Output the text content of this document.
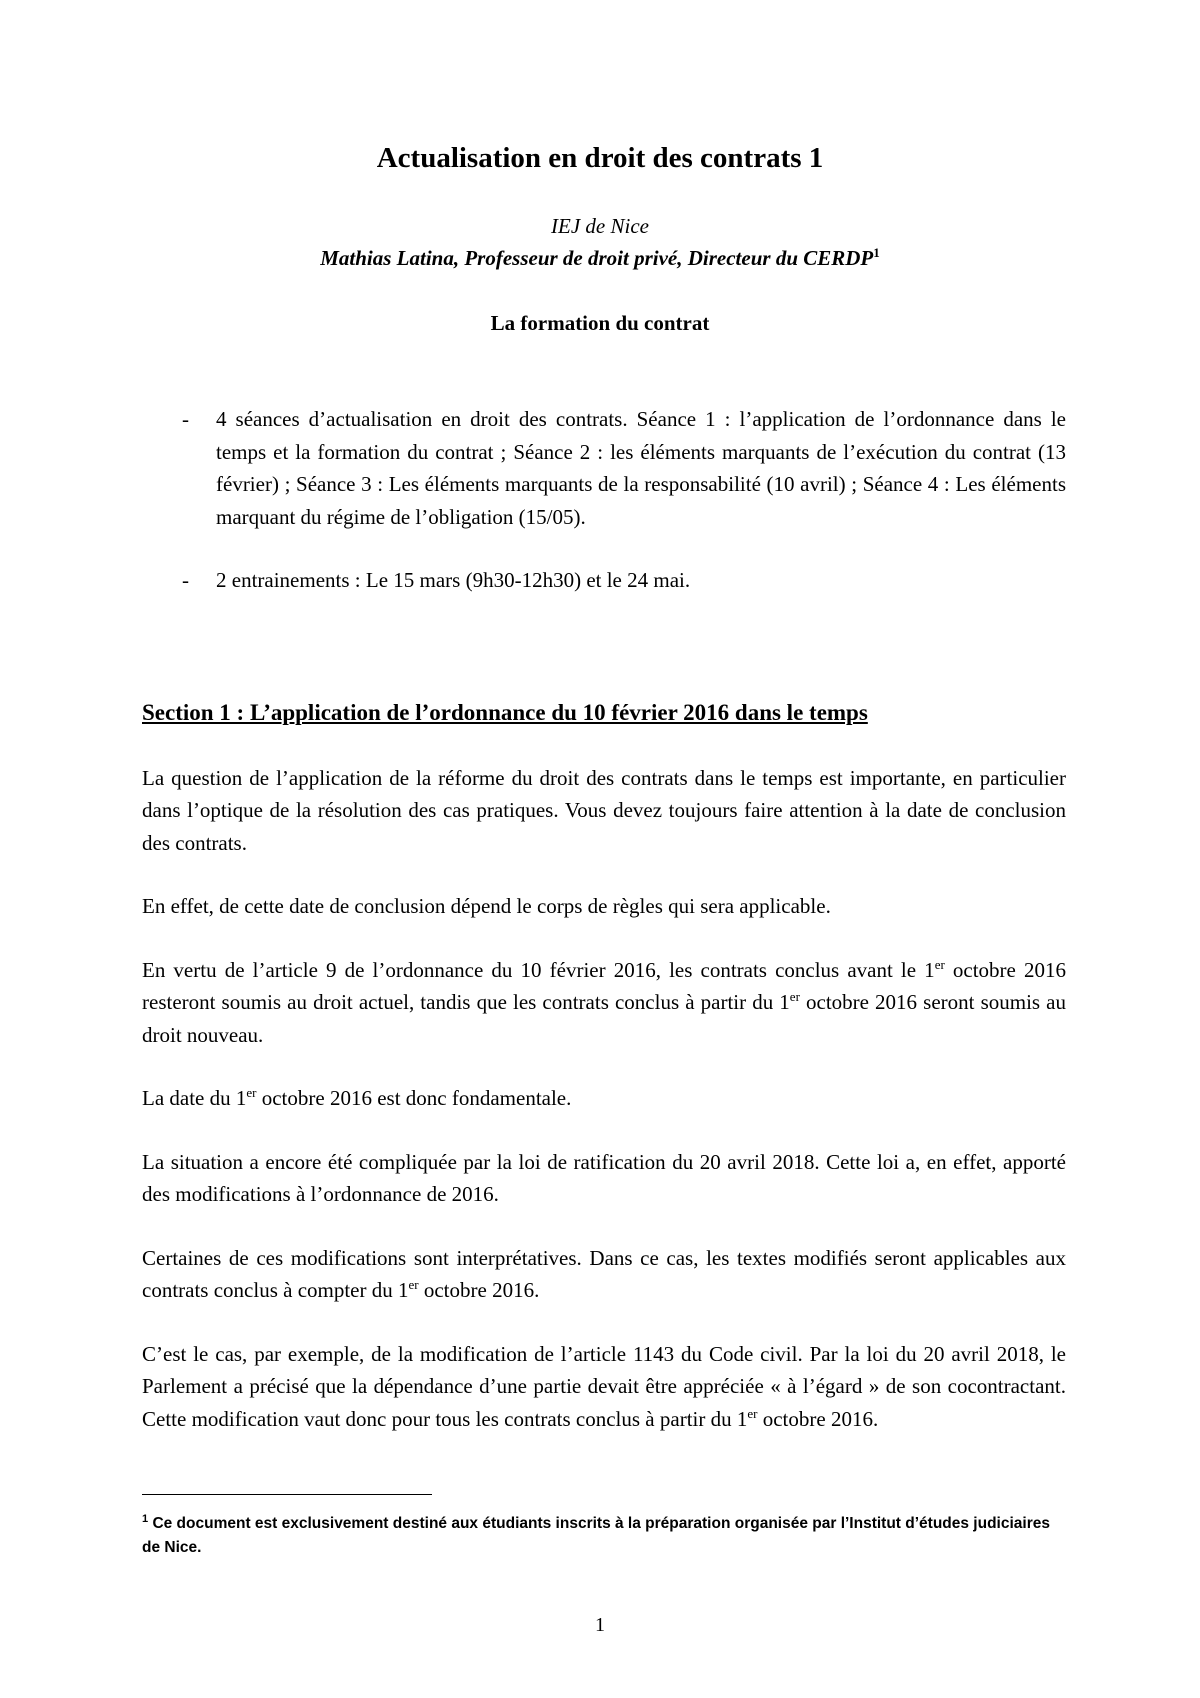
Actualisation en droit des contrats 1
IEJ de Nice
Mathias Latina, Professeur de droit privé, Directeur du CERDP$^1$
La formation du contrat
- 4 séances d’actualisation en droit des contrats. Séance 1 : l’application de l’ordonnance dans le temps et la formation du contrat ; Séance 2 : les éléments marquants de l’exécution du contrat (13 février) ; Séance 3 : Les éléments marquants de la responsabilité (10 avril) ; Séance 4 : Les éléments marquant du régime de l’obligation (15/05).
- 2 entrainements : Le 15 mars (9h30-12h30) et le 24 mai.
Section 1 : L’application de l’ordonnance du 10 février 2016 dans le temps

La question de l’application de la réforme du droit des contrats dans le temps est importante, en particulier dans l’optique de la résolution des cas pratiques. Vous devez toujours faire attention à la date de conclusion des contrats.

En effet, de cette date de conclusion dépend le corps de règles qui sera applicable.

En vertu de l’article 9 de l’ordonnance du 10 février 2016, les contrats conclus avant le 1er octobre 2016 resteront soumis au droit actuel, tandis que les contrats conclus à partir du 1er octobre 2016 seront soumis au droit nouveau.

La date du 1er octobre 2016 est donc fondamentale.

La situation a encore été compliquée par la loi de ratification du 20 avril 2018. Cette loi a, en effet, apporté des modifications à l’ordonnance de 2016.

Certaines de ces modifications sont interprétatives. Dans ce cas, les textes modifiés seront applicables aux contrats conclus à compter du 1er octobre 2016.

C’est le cas, par exemple, de la modification de l’article 1143 du Code civil. Par la loi du 20 avril 2018, le Parlement a précisé que la dépendance d’une partie devait être appréciée « à l’égard » de son cocontractant. Cette modification vaut donc pour tous les contrats conclus à partir du 1er octobre 2016.

$^1$ Ce document est exclusivement destiné aux étudiants inscrits à la préparation organisée par l’Institut d’études judiciaires de Nice.
1
